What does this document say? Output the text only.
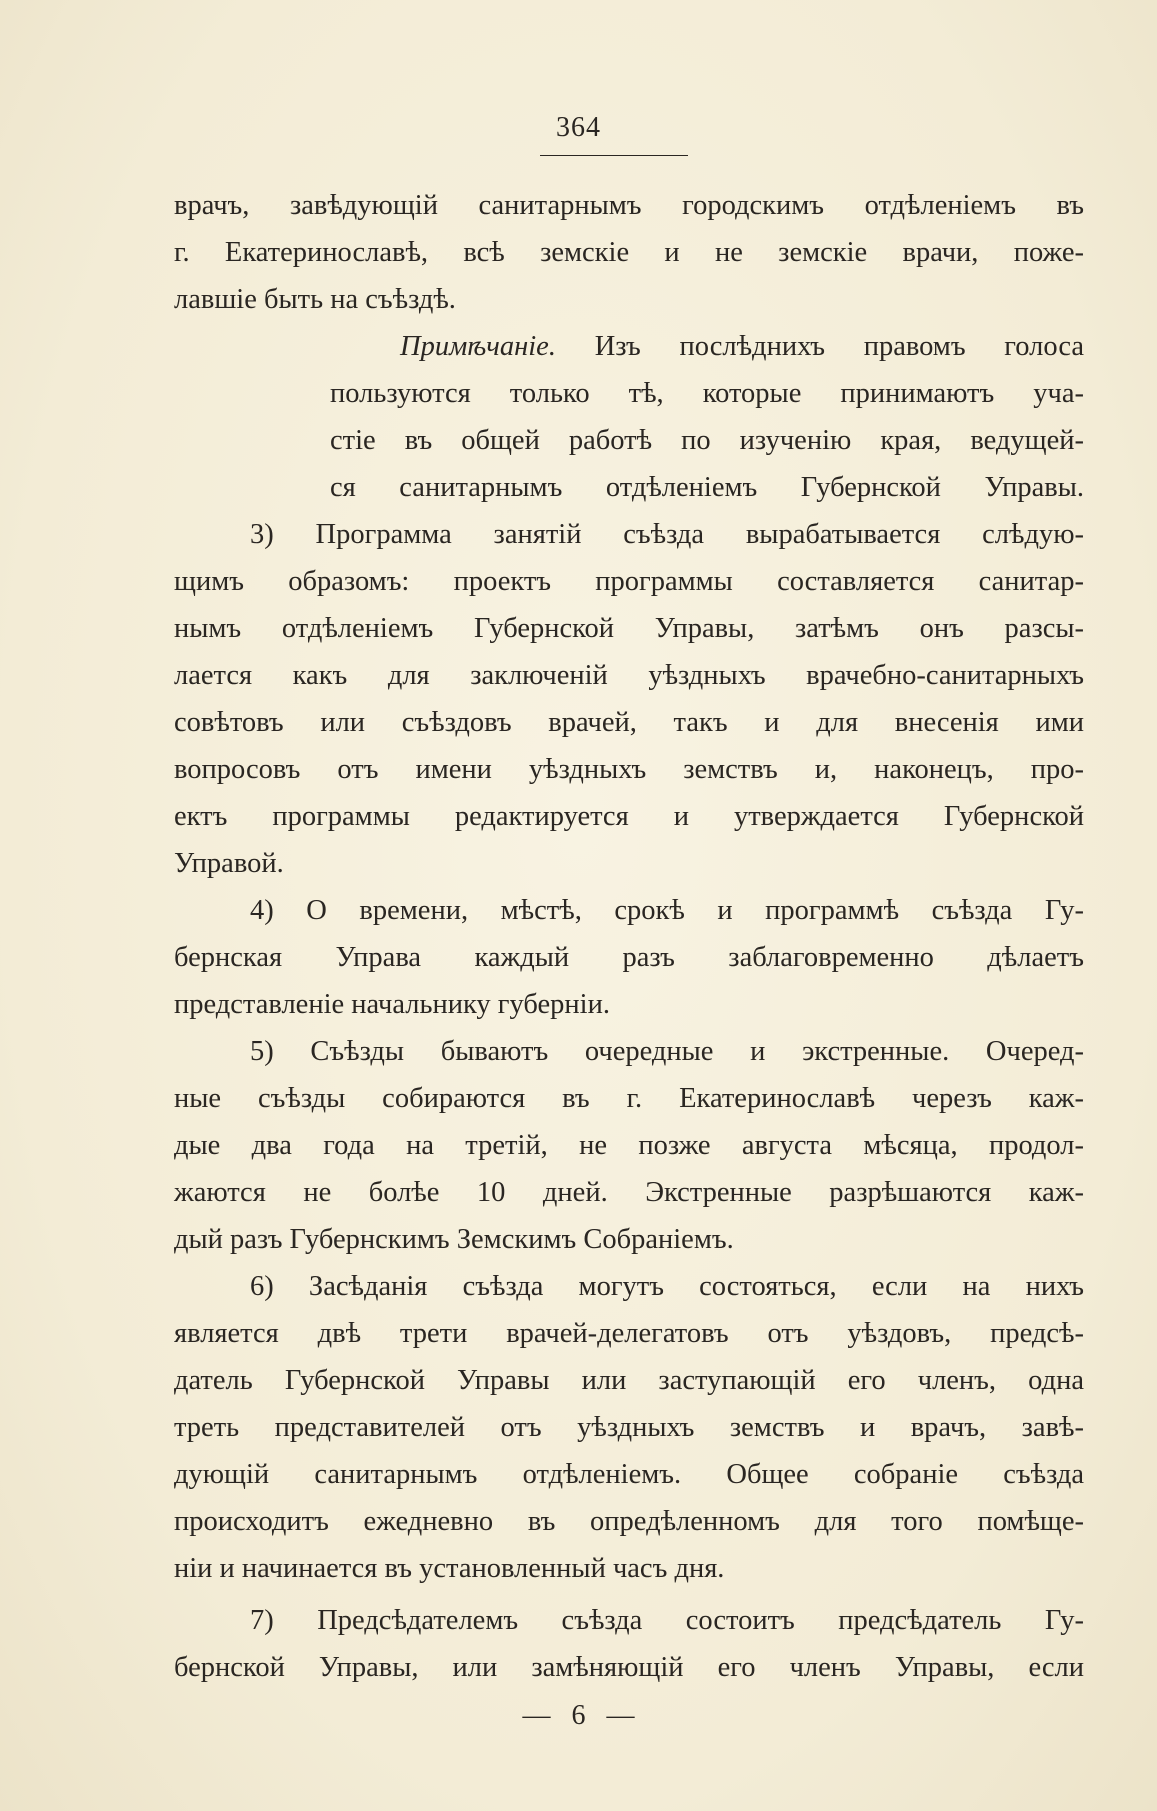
364
врачъ, завѣдующій санитарнымъ городскимъ отдѣленіемъ въ
г. Екатеринославѣ, всѣ земскіе и не земскіе врачи, поже-
лавшіе быть на съѣздѣ.
Примѣчаніе. Изъ послѣднихъ правомъ голоса
пользуются только тѣ, которые принимаютъ уча-
стіе въ общей работѣ по изученію края, ведущей-
ся санитарнымъ отдѣленіемъ Губернской Управы.
3) Программа занятій съѣзда вырабатывается слѣдую-
щимъ образомъ: проектъ программы составляется санитар-
нымъ отдѣленіемъ Губернской Управы, затѣмъ онъ разсы-
лается какъ для заключеній уѣздныхъ врачебно-санитарныхъ
совѣтовъ или съѣздовъ врачей, такъ и для внесенія ими
вопросовъ отъ имени уѣздныхъ земствъ и, наконецъ, про-
ектъ программы редактируется и утверждается Губернской
Управой.
4) О времени, мѣстѣ, срокѣ и программѣ съѣзда Гу-
бернская Управа каждый разъ заблаговременно дѣлаетъ
представленіе начальнику губерніи.
5) Съѣзды бываютъ очередные и экстренные. Очеред-
ные съѣзды собираются въ г. Екатеринославѣ черезъ каж-
дые два года на третій, не позже августа мѣсяца, продол-
жаются не болѣе 10 дней. Экстренные разрѣшаются каж-
дый разъ Губернскимъ Земскимъ Собраніемъ.
6) Засѣданія съѣзда могутъ состояться, если на нихъ
является двѣ трети врачей-делегатовъ отъ уѣздовъ, предсѣ-
датель Губернской Управы или заступающій его членъ, одна
треть представителей отъ уѣздныхъ земствъ и врачъ, завѣ-
дующій санитарнымъ отдѣленіемъ. Общее собраніе съѣзда
происходитъ ежедневно въ опредѣленномъ для того помѣще-
ніи и начинается въ установленный часъ дня.
7) Предсѣдателемъ съѣзда состоитъ предсѣдатель Гу-
бернской Управы, или замѣняющій его членъ Управы, если
— 6 —
